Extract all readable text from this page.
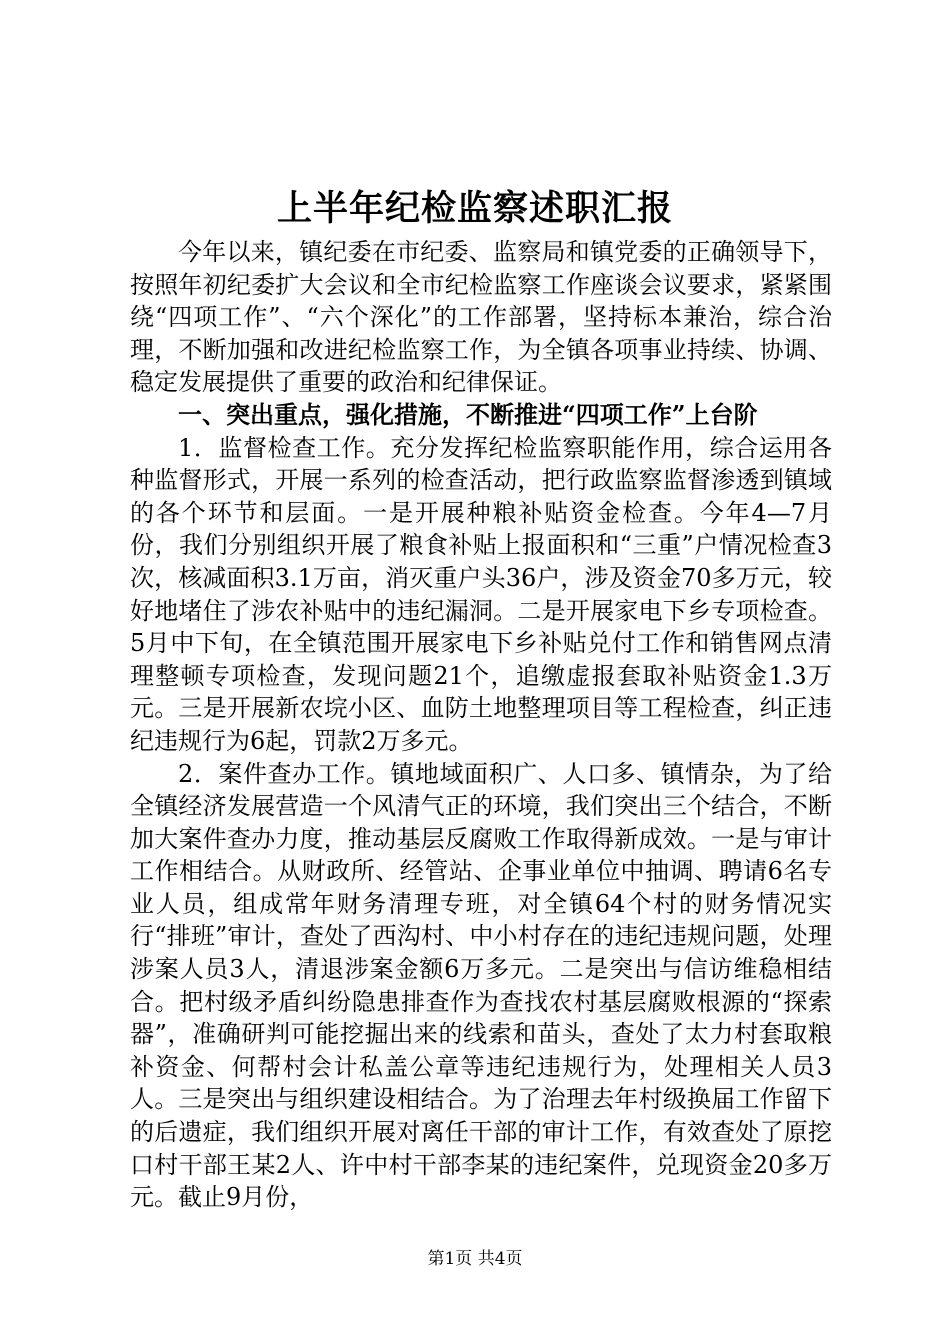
上半年纪检监察述职汇报

今年以来，镇纪委在市纪委、监察局和镇党委的正确领导下，按照年初纪委扩大会议和全市纪检监察工作座谈会议要求，紧紧围绕“四项工作”、“六个深化”的工作部署，坚持标本兼治，综合治理，不断加强和改进纪检监察工作，为全镇各项事业持续、协调、稳定发展提供了重要的政治和纪律保证。

一、突出重点，强化措施，不断推进“四项工作”上台阶

1．监督检查工作。充分发挥纪检监察职能作用，综合运用各种监督形式，开展一系列的检查活动，把行政监察监督渗透到镇域的各个环节和层面。一是开展种粮补贴资金检查。今年4—7月份，我们分别组织开展了粮食补贴上报面积和“三重”户情况检查3次，核减面积3.1万亩，消灭重户头36户，涉及资金70多万元，较好地堵住了涉农补贴中的违纪漏洞。二是开展家电下乡专项检查。5月中下旬，在全镇范围开展家电下乡补贴兑付工作和销售网点清理整顿专项检查，发现问题21个，追缴虚报套取补贴资金1.3万元。三是开展新农垸小区、血防土地整理项目等工程检查，纠正违纪违规行为6起，罚款2万多元。

2．案件查办工作。镇地域面积广、人口多、镇情杂，为了给全镇经济发展营造一个风清气正的环境，我们突出三个结合，不断加大案件查办力度，推动基层反腐败工作取得新成效。一是与审计工作相结合。从财政所、经管站、企事业单位中抽调、聘请6名专业人员，组成常年财务清理专班，对全镇64个村的财务情况实行“排班”审计，查处了西沟村、中小村存在的违纪违规问题，处理涉案人员3人，清退涉案金额6万多元。二是突出与信访维稳相结合。把村级矛盾纠纷隐患排查作为查找农村基层腐败根源的“探索器”，准确研判可能挖掘出来的线索和苗头，查处了太力村套取粮补资金、何帮村会计私盖公章等违纪违规行为，处理相关人员3人。三是突出与组织建设相结合。为了治理去年村级换届工作留下的后遗症，我们组织开展对离任干部的审计工作，有效查处了原挖口村干部王某2人、许中村干部李某的违纪案件，兑现资金20多万元。截止9月份，

第1页 共4页
